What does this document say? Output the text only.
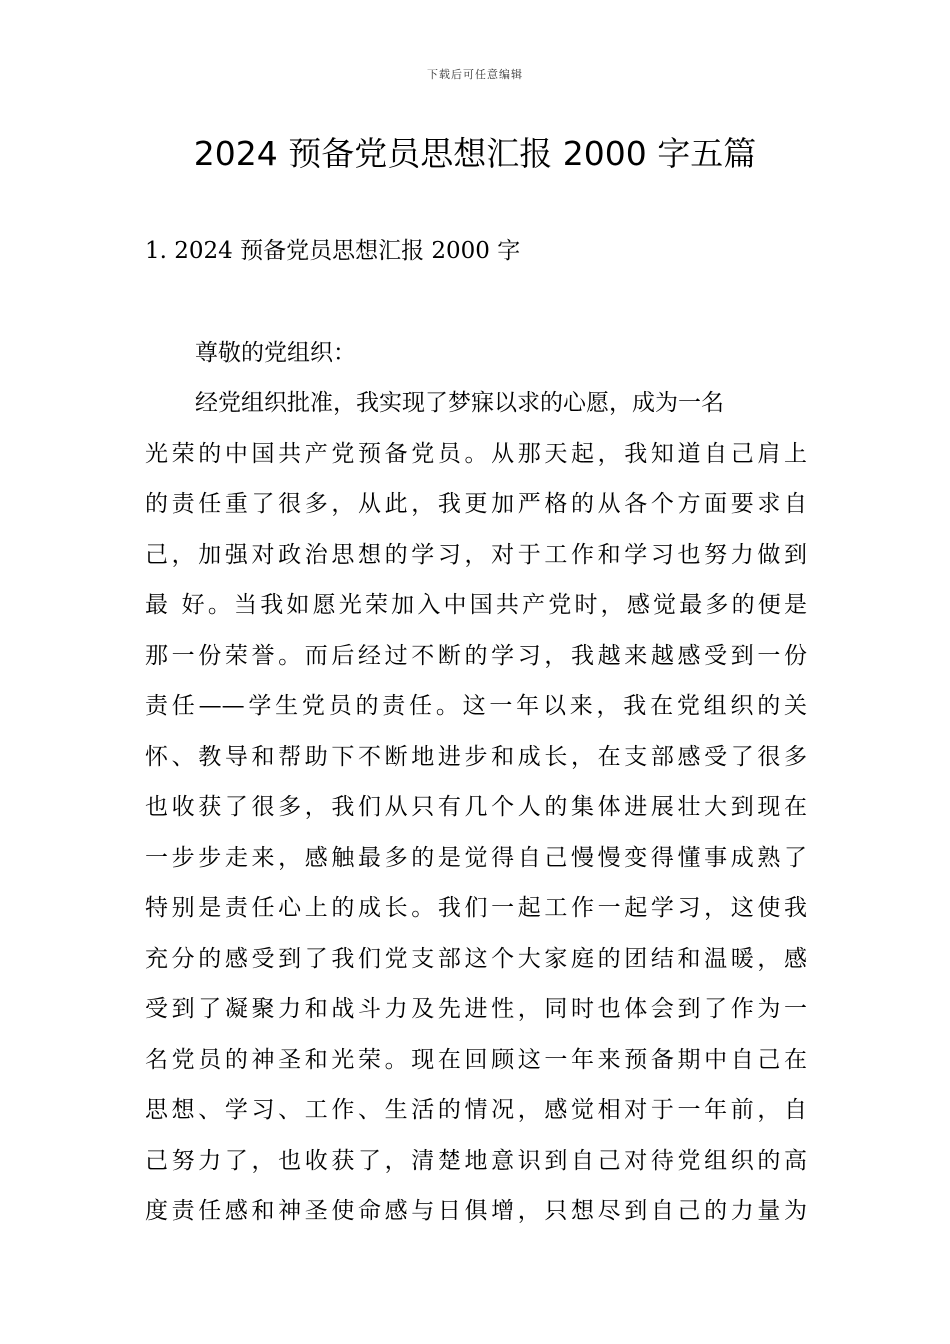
下载后可任意编辑
2024 预备党员思想汇报 2000 字五篇
1. 2024 预备党员思想汇报 2000 字

尊敬的党组织：

经党组织批准，我实现了梦寐以求的心愿，成为一名
光荣的中国共产党预备党员。从那天起，我知道自己肩上
的责任重了很多，从此，我更加严格的从各个方面要求自
己，加强对政治思想的学习，对于工作和学习也努力做到
最 好。当我如愿光荣加入中国共产党时，感觉最多的便是
那一份荣誉。而后经过不断的学习，我越来越感受到一份
责任——学生党员的责任。这一年以来，我在党组织的关
怀、教导和帮助下不断地进步和成长，在支部感受了很多
也收获了很多，我们从只有几个人的集体进展壮大到现在
一步步走来，感触最多的是觉得自己慢慢变得懂事成熟了
特别是责任心上的成长。我们一起工作一起学习，这使我
充分的感受到了我们党支部这个大家庭的团结和温暖，感
受到了凝聚力和战斗力及先进性，同时也体会到了作为一
名党员的神圣和光荣。现在回顾这一年来预备期中自己在
思想、学习、工作、生活的情况，感觉相对于一年前，自
己努力了，也收获了，清楚地意识到自己对待党组织的高
度责任感和神圣使命感与日俱增，只想尽到自己的力量为
